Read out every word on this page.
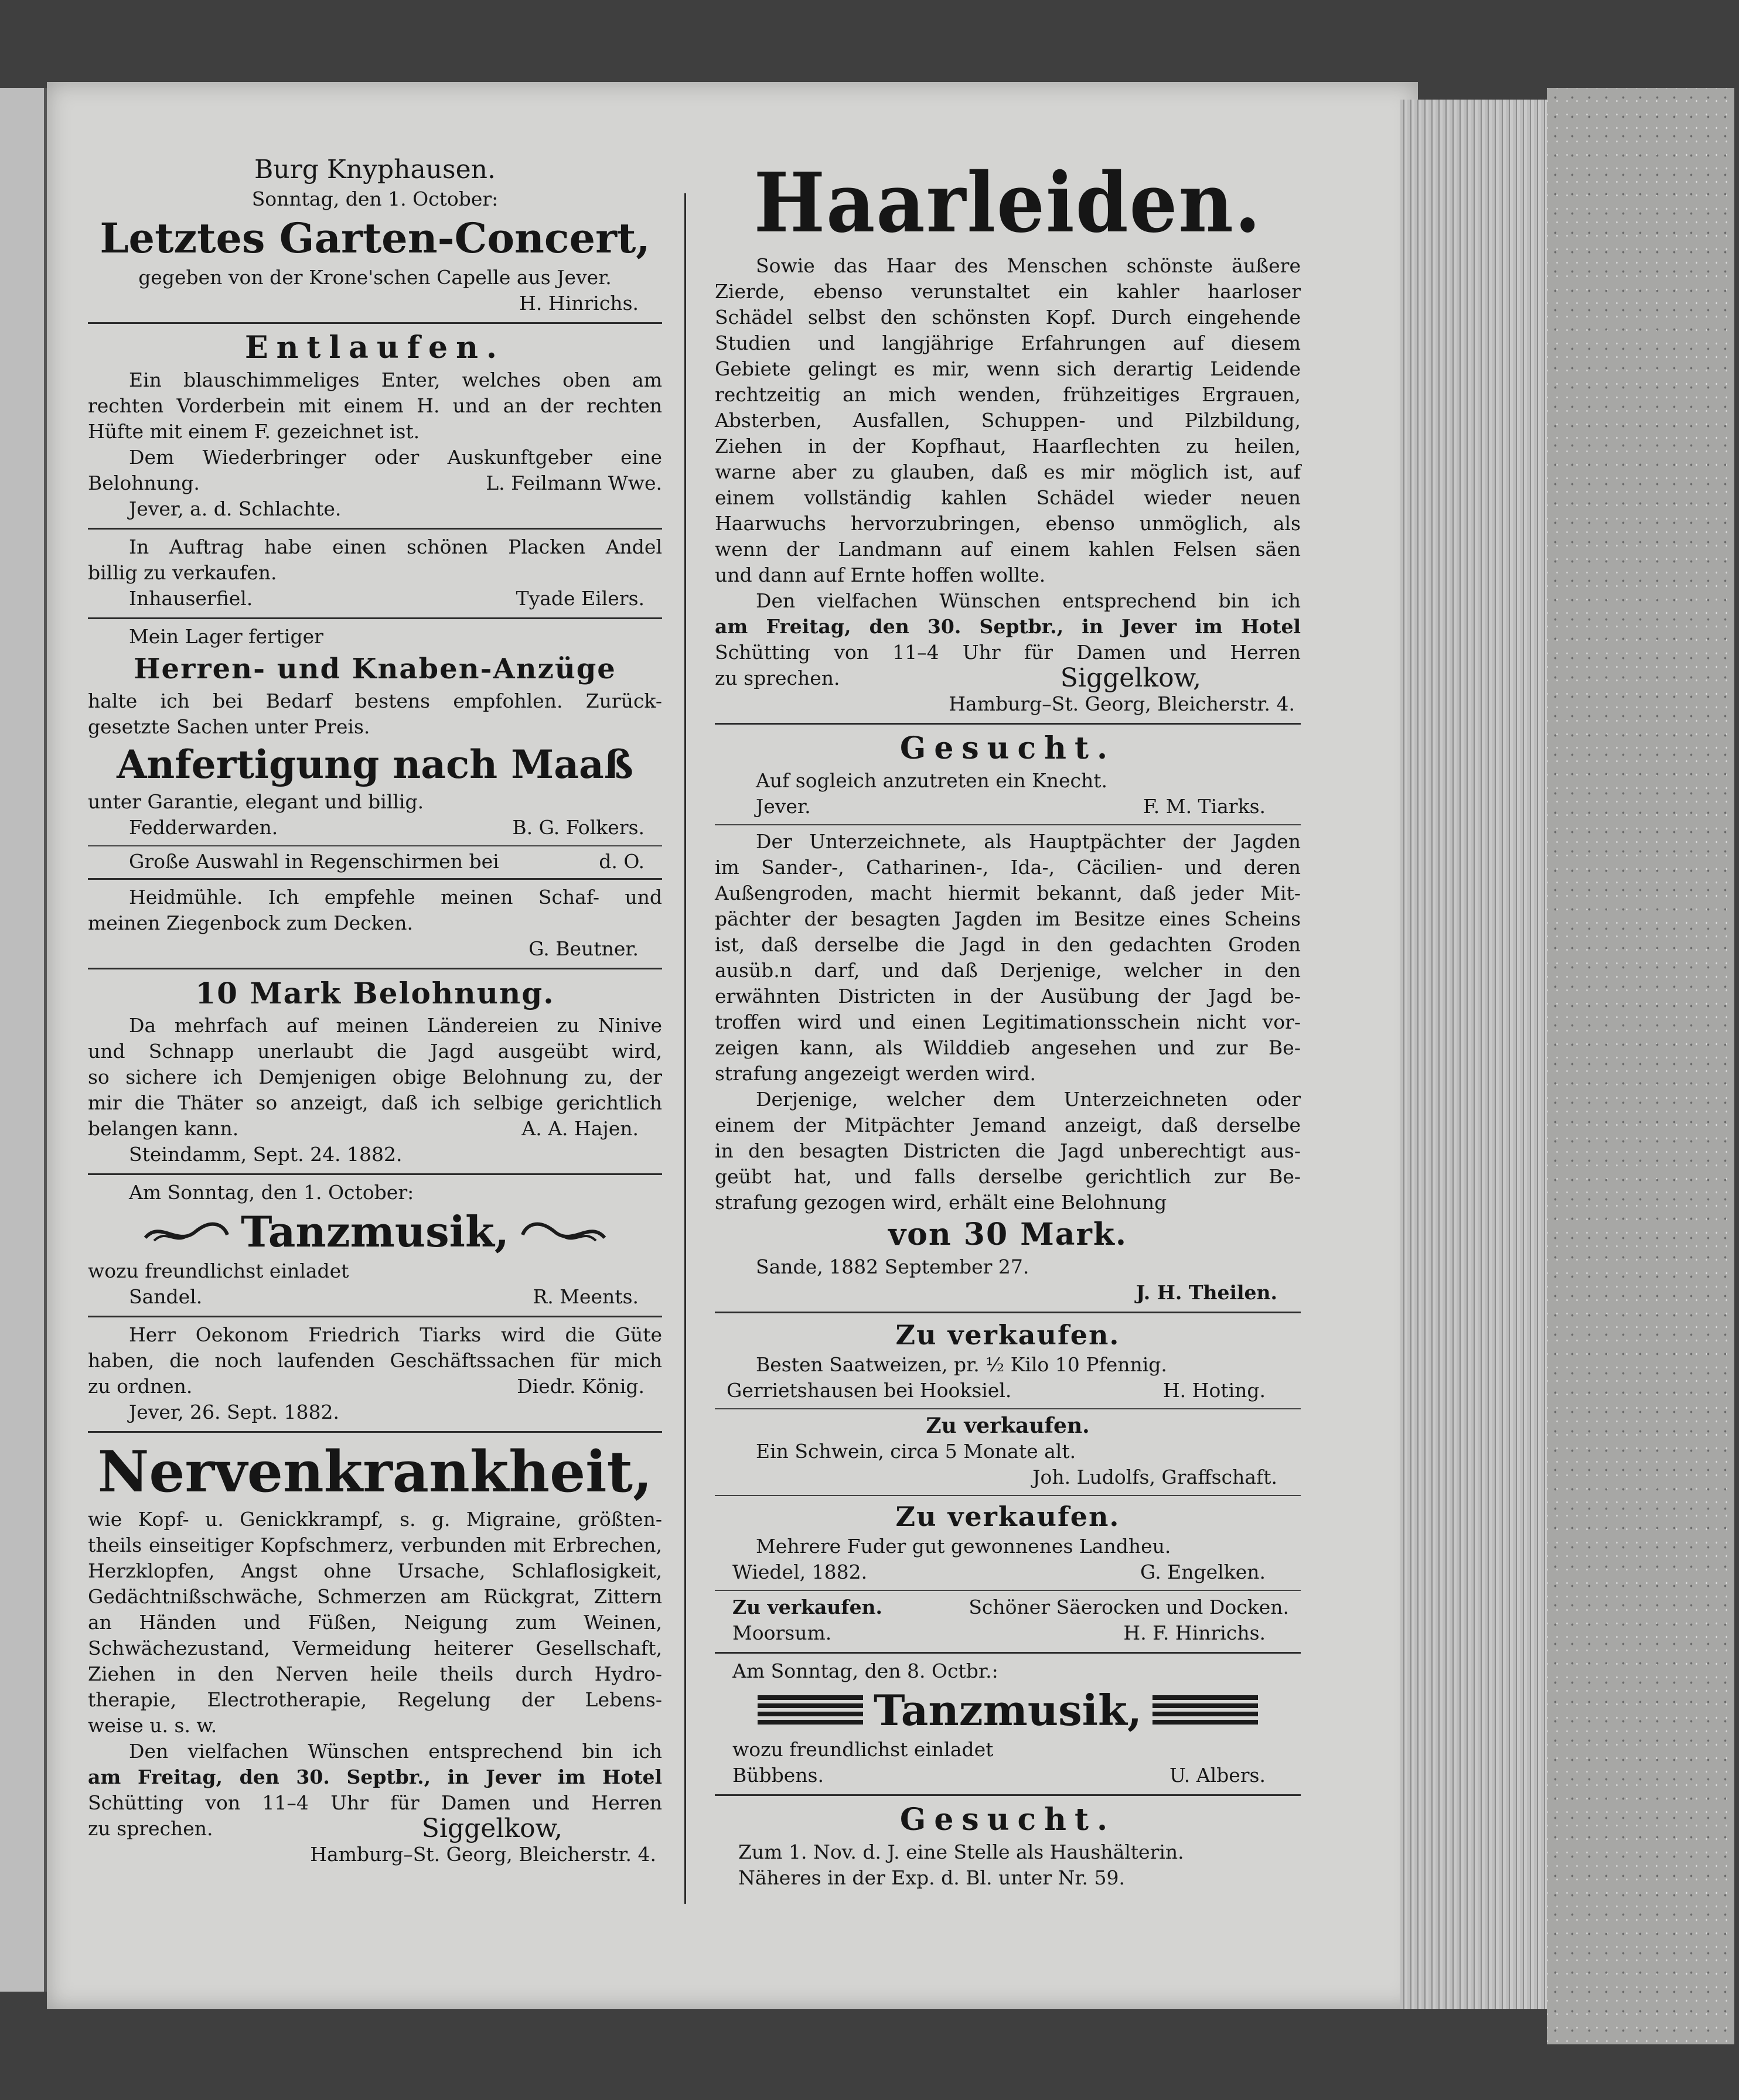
Burg Knyphausen.
Sonntag, den 1. October:
Letztes Garten-Concert,
gegeben von der Krone'schen Capelle aus Jever.
H. Hinrichs.
Entlaufen.
Ein blauschimmeliges Enter, welches oben am
rechten Vorderbein mit einem H. und an der rechten
Hüfte mit einem F. gezeichnet ist.
Dem Wiederbringer oder Auskunftgeber eine
Belohnung.	L. Feilmann Wwe.
Jever, a. d. Schlachte.
In Auftrag habe einen schönen Placken Andel
billig zu verkaufen.
Inhauserfiel.	Tyade Eilers.
Mein Lager fertiger
Herren- und Knaben-Anzüge
halte ich bei Bedarf bestens empfohlen. Zurück-
gesetzte Sachen unter Preis.
Anfertigung nach Maaß
unter Garantie, elegant und billig.
Fedderwarden.	B. G. Folkers.
Große Auswahl in Regenschirmen bei	d. O.
Heidmühle. Ich empfehle meinen Schaf- und
meinen Ziegenbock zum Decken.
G. Beutner.
10 Mark Belohnung.
Da mehrfach auf meinen Ländereien zu Ninive
und Schnapp unerlaubt die Jagd ausgeübt wird,
so sichere ich Demjenigen obige Belohnung zu, der
mir die Thäter so anzeigt, daß ich selbige gerichtlich
belangen kann.	A. A. Hajen.
Steindamm, Sept. 24. 1882.
Am Sonntag, den 1. October:
Tanzmusik,
wozu freundlichst einladet
Sandel.	R. Meents.
Herr Oekonom Friedrich Tiarks wird die Güte
haben, die noch laufenden Geschäftssachen für mich
zu ordnen.	Diedr. König.
Jever, 26. Sept. 1882.
Nervenkrankheit,
wie Kopf- u. Genickkrampf, s. g. Migraine, größten-
theils einseitiger Kopfschmerz, verbunden mit Erbrechen,
Herzklopfen, Angst ohne Ursache, Schlaflosigkeit,
Gedächtnißschwäche, Schmerzen am Rückgrat, Zittern
an Händen und Füßen, Neigung zum Weinen,
Schwächezustand, Vermeidung heiterer Gesellschaft,
Ziehen in den Nerven heile theils durch Hydro-
therapie, Electrotherapie, Regelung der Lebens-
weise u. s. w.
Den vielfachen Wünschen entsprechend bin ich
am Freitag, den 30. Septbr., in Jever im Hotel
Schütting von 11–4 Uhr für Damen und Herren
zu sprechen.	Siggelkow,
Hamburg–St. Georg, Bleicherstr. 4.
Haarleiden.
Sowie das Haar des Menschen schönste äußere
Zierde, ebenso verunstaltet ein kahler haarloser
Schädel selbst den schönsten Kopf. Durch eingehende
Studien und langjährige Erfahrungen auf diesem
Gebiete gelingt es mir, wenn sich derartig Leidende
rechtzeitig an mich wenden, frühzeitiges Ergrauen,
Absterben, Ausfallen, Schuppen- und Pilzbildung,
Ziehen in der Kopfhaut, Haarflechten zu heilen,
warne aber zu glauben, daß es mir möglich ist, auf
einem vollständig kahlen Schädel wieder neuen
Haarwuchs hervorzubringen, ebenso unmöglich, als
wenn der Landmann auf einem kahlen Felsen säen
und dann auf Ernte hoffen wollte.
Den vielfachen Wünschen entsprechend bin ich
am Freitag, den 30. Septbr., in Jever im Hotel
Schütting von 11–4 Uhr für Damen und Herren
zu sprechen.	Siggelkow,
Hamburg–St. Georg, Bleicherstr. 4.
Gesucht.
Auf sogleich anzutreten ein Knecht.
Jever.	F. M. Tiarks.
Der Unterzeichnete, als Hauptpächter der Jagden
im Sander-, Catharinen-, Ida-, Cäcilien- und deren
Außengroden, macht hiermit bekannt, daß jeder Mit-
pächter der besagten Jagden im Besitze eines Scheins
ist, daß derselbe die Jagd in den gedachten Groden
ausüb.n darf, und daß Derjenige, welcher in den
erwähnten Districten in der Ausübung der Jagd be-
troffen wird und einen Legitimationsschein nicht vor-
zeigen kann, als Wilddieb angesehen und zur Be-
strafung angezeigt werden wird.
Derjenige, welcher dem Unterzeichneten oder
einem der Mitpächter Jemand anzeigt, daß derselbe
in den besagten Districten die Jagd unberechtigt aus-
geübt hat, und falls derselbe gerichtlich zur Be-
strafung gezogen wird, erhält eine Belohnung
von 30 Mark.
Sande, 1882 September 27.
J. H. Theilen.
Zu verkaufen.
Besten Saatweizen, pr. ½ Kilo 10 Pfennig.
Gerrietshausen bei Hooksiel.	H. Hoting.
Zu verkaufen.
Ein Schwein, circa 5 Monate alt.
Joh. Ludolfs, Graffschaft.
Zu verkaufen.
Mehrere Fuder gut gewonnenes Landheu.
Wiedel, 1882.	G. Engelken.
Zu verkaufen.	Schöner Säerocken und Docken.
Moorsum.	H. F. Hinrichs.
Am Sonntag, den 8. Octbr.:
Tanzmusik,
wozu freundlichst einladet
Bübbens.	U. Albers.
Gesucht.
Zum 1. Nov. d. J. eine Stelle als Haushälterin.
Näheres in der Exp. d. Bl. unter Nr. 59.
